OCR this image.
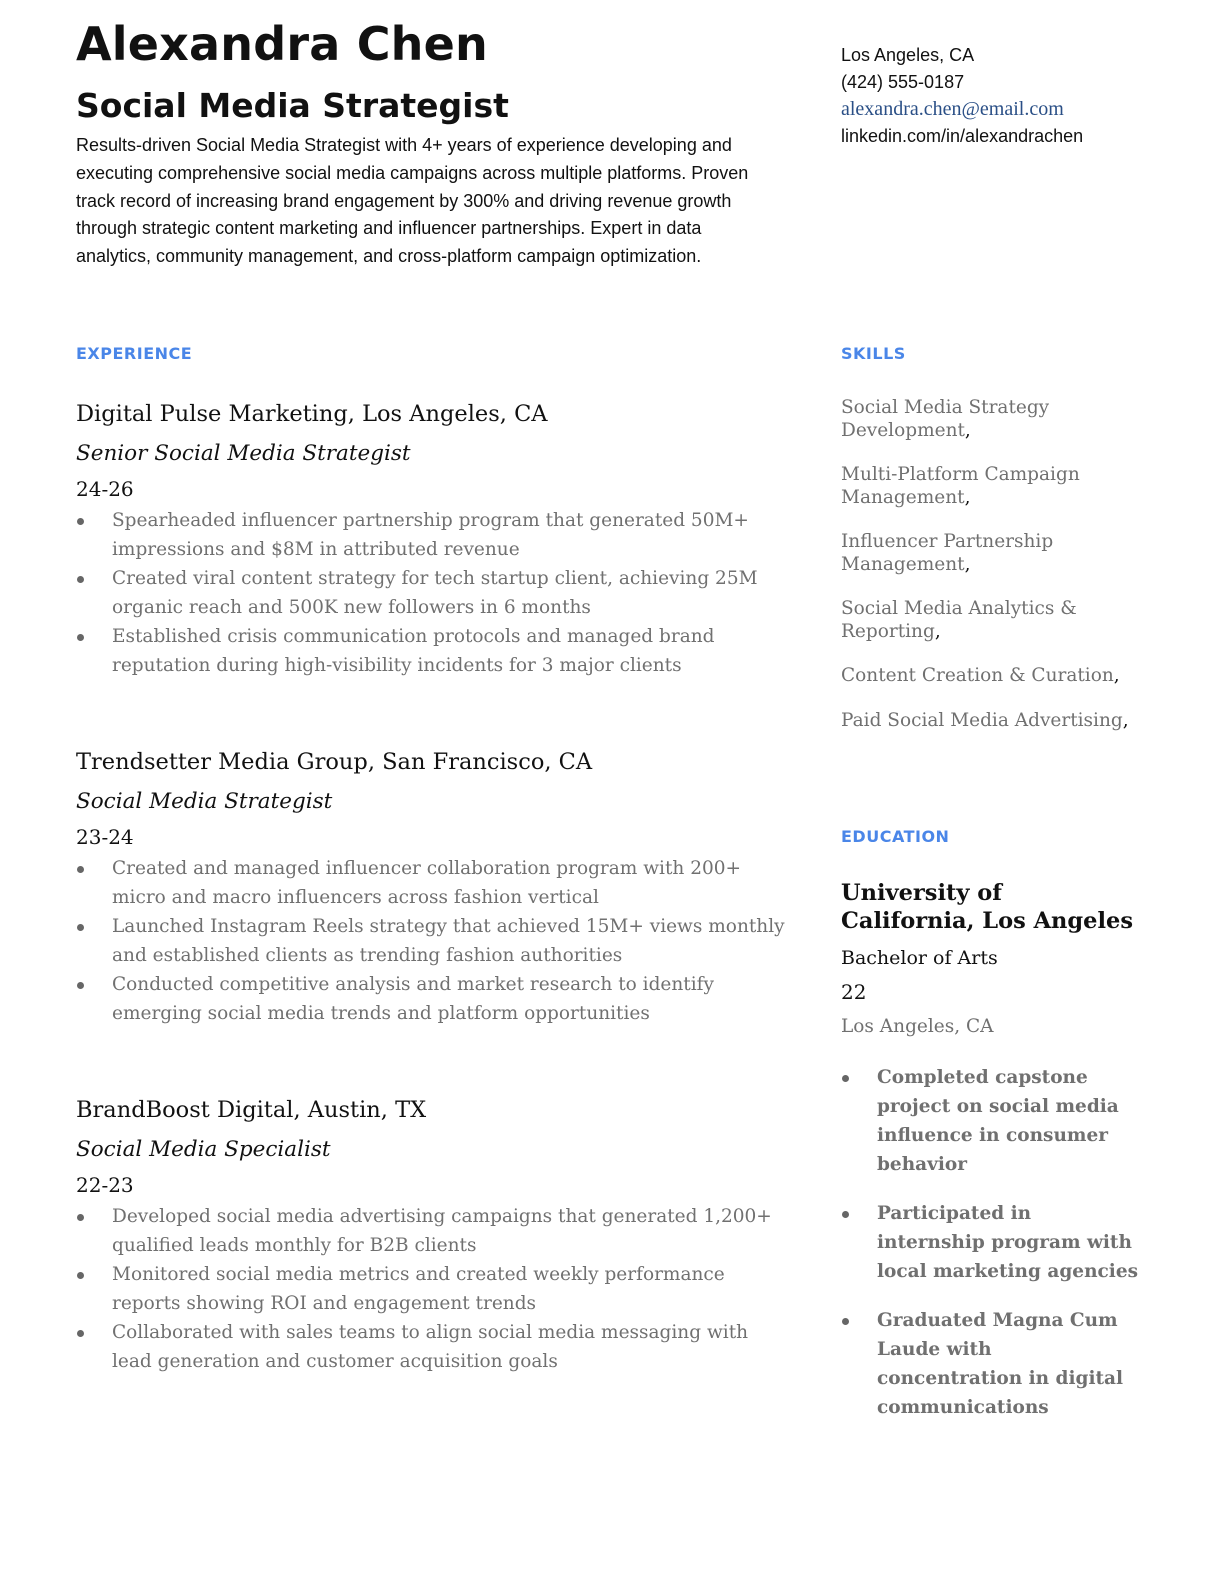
Alexandra Chen
Social Media Strategist

Results-driven Social Media Strategist with 4+ years of experience developing and executing comprehensive social media campaigns across multiple platforms. Proven track record of increasing brand engagement by 300% and driving revenue growth through strategic content marketing and influencer partnerships. Expert in data analytics, community management, and cross-platform campaign optimization.

EXPERIENCE

Digital Pulse Marketing, Los Angeles, CA

Senior Social Media Strategist

24-26

Spearheaded influencer partnership program that generated 50M+ impressions and $8M in attributed revenue
Created viral content strategy for tech startup client, achieving 25M organic reach and 500K new followers in 6 months
Established crisis communication protocols and managed brand reputation during high-visibility incidents for 3 major clients

Trendsetter Media Group, San Francisco, CA

Social Media Strategist

23-24

Created and managed influencer collaboration program with 200+ micro and macro influencers across fashion vertical
Launched Instagram Reels strategy that achieved 15M+ views monthly and established clients as trending fashion authorities
Conducted competitive analysis and market research to identify emerging social media trends and platform opportunities

BrandBoost Digital, Austin, TX

Social Media Specialist

22-23

Developed social media advertising campaigns that generated 1,200+ qualified leads monthly for B2B clients
Monitored social media metrics and created weekly performance reports showing ROI and engagement trends
Collaborated with sales teams to align social media messaging with lead generation and customer acquisition goals
Los Angeles, CA
(424) 555-0187
alexandra.chen@email.com
linkedin.com/in/alexandrachen
SKILLS

Social Media Strategy Development,

Multi-Platform Campaign Management,

Influencer Partnership Management,

Social Media Analytics & Reporting,

Content Creation & Curation,

Paid Social Media Advertising,

EDUCATION

University of California, Los Angeles

Bachelor of Arts

22

Los Angeles, CA

Completed capstone project on social media influence in consumer behavior
Participated in internship program with local marketing agencies
Graduated Magna Cum Laude with concentration in digital communications
